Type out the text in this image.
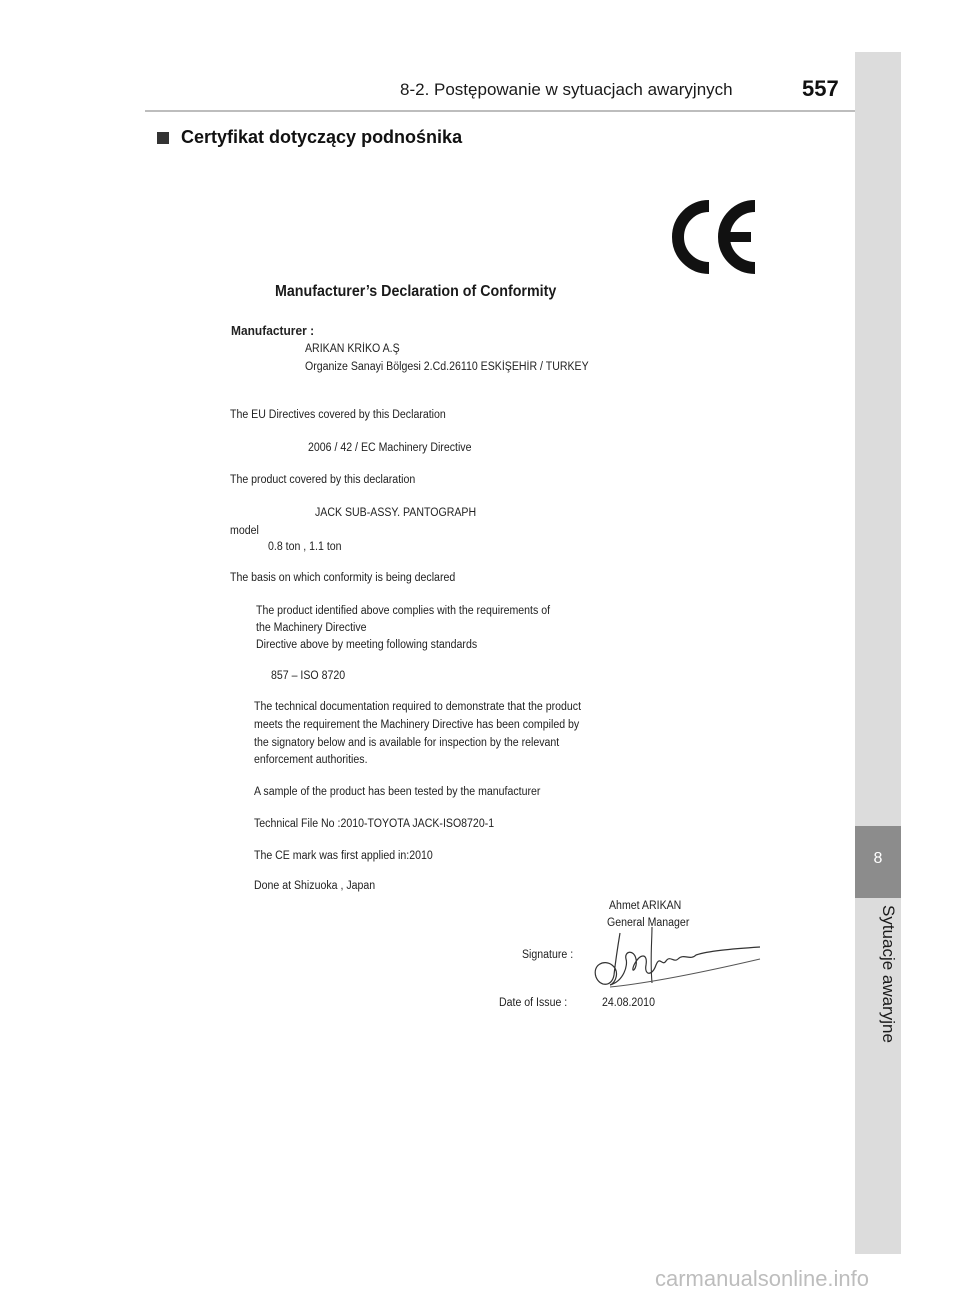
8
Sytuacje awaryjne
8-2. Postępowanie w sytuacjach awaryjnych	557
Certyfikat dotyczący podnośnika
Manufacturer’s Declaration of Conformity
Manufacturer :
ARIKAN KRİKO A.Ş
Organize Sanayi Bölgesi 2.Cd.26110 ESKİŞEHİR / TURKEY
The EU Directives covered by this Declaration
2006 / 42 / EC Machinery Directive
The product covered by this declaration
JACK SUB-ASSY. PANTOGRAPH
model
0.8 ton , 1.1 ton
The basis on which conformity is being declared
The product identified above complies with the requirements of
the Machinery Directive
Directive above by meeting following standards
857 – ISO 8720
The technical documentation required to demonstrate that the product
meets the requirement the Machinery Directive has been compiled by
the signatory below and is available for inspection by the relevant
enforcement authorities.
A sample of the product has been tested by the manufacturer
Technical File No :2010-TOYOTA JACK-ISO8720-1
The CE mark was first applied in:2010
Done at Shizuoka , Japan
Ahmet ARIKAN
General Manager
Signature :
Date of Issue :	24.08.2010
carmanualsonline.info
